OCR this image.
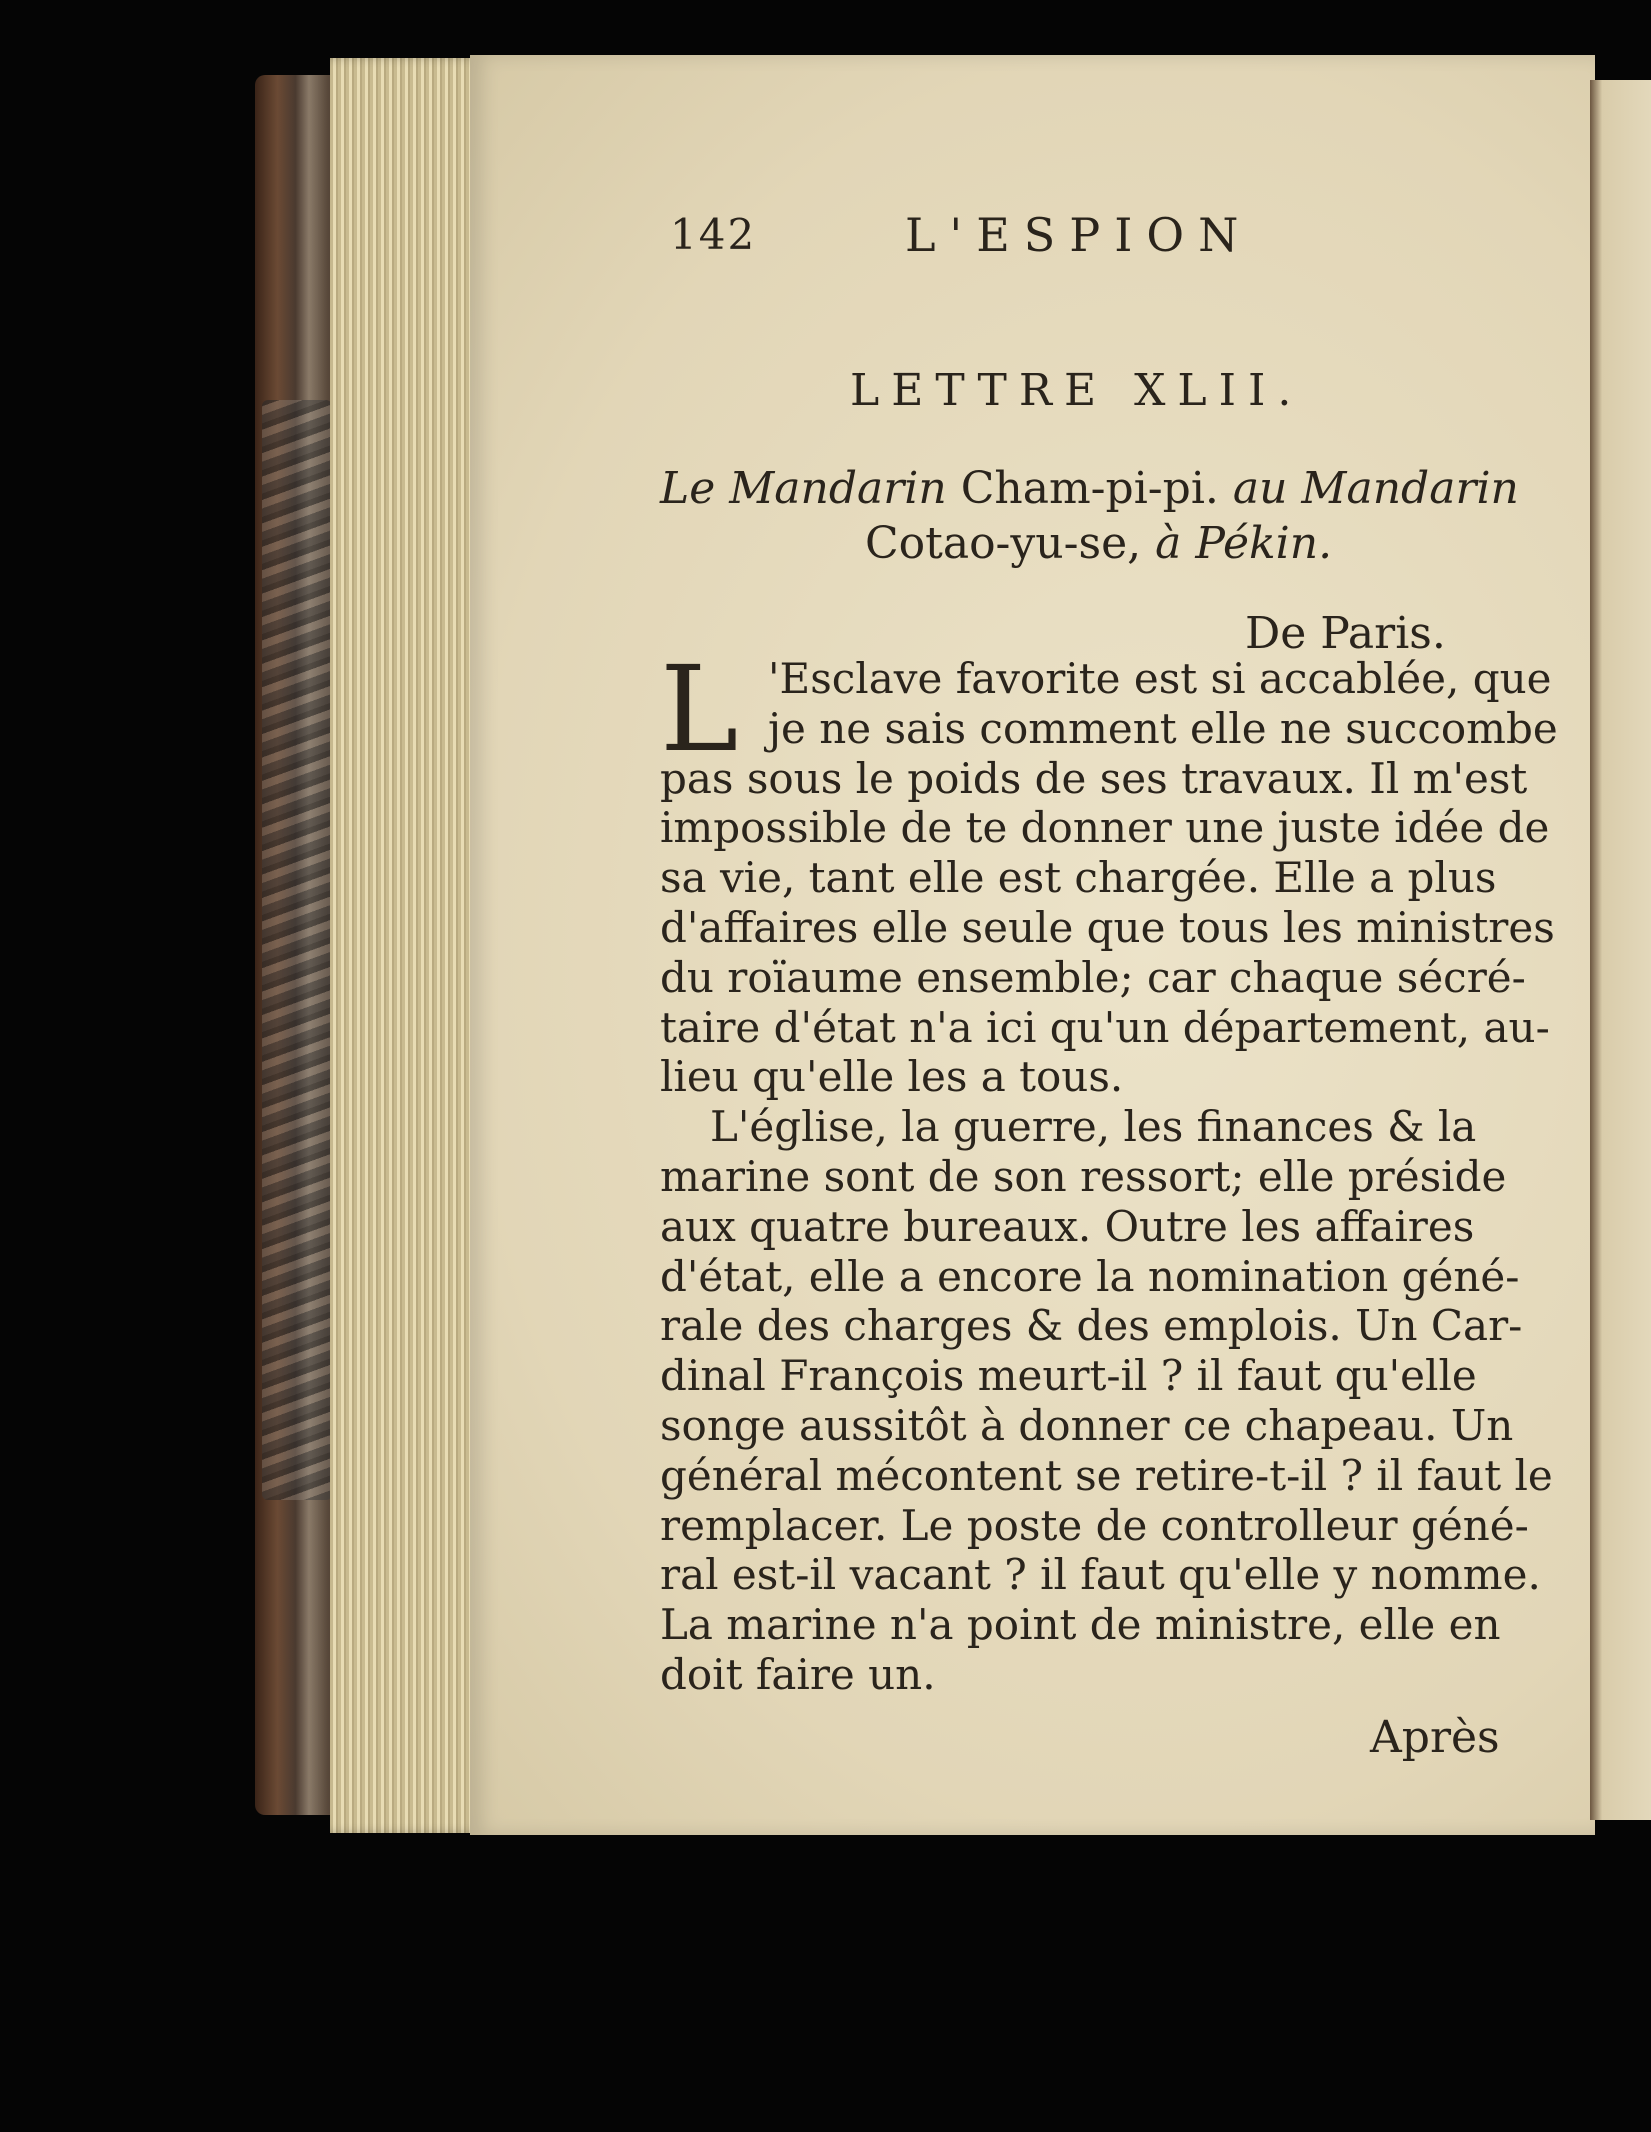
142	L'ESPION
LETTRE XLII.
Le Mandarin Cham-pi-pi. au Mandarin
Cotao-yu-se, à Pékin.
De Paris.
L 'Esclave favorite est si accablée, que
je ne sais comment elle ne succombe
pas sous le poids de ses travaux. Il m'est
impossible de te donner une juste idée de
sa vie, tant elle est chargée. Elle a plus
d'affaires elle seule que tous les ministres
du roïaume ensemble; car chaque sécré-
taire d'état n'a ici qu'un département, au-
lieu qu'elle les a tous.
L'église, la guerre, les finances & la
marine sont de son ressort; elle préside
aux quatre bureaux. Outre les affaires
d'état, elle a encore la nomination géné-
rale des charges & des emplois. Un Car-
dinal François meurt-il ? il faut qu'elle
songe aussitôt à donner ce chapeau. Un
général mécontent se retire-t-il ? il faut le
remplacer. Le poste de controlleur géné-
ral est-il vacant ? il faut qu'elle y nomme.
La marine n'a point de ministre, elle en
doit faire un.
Après
